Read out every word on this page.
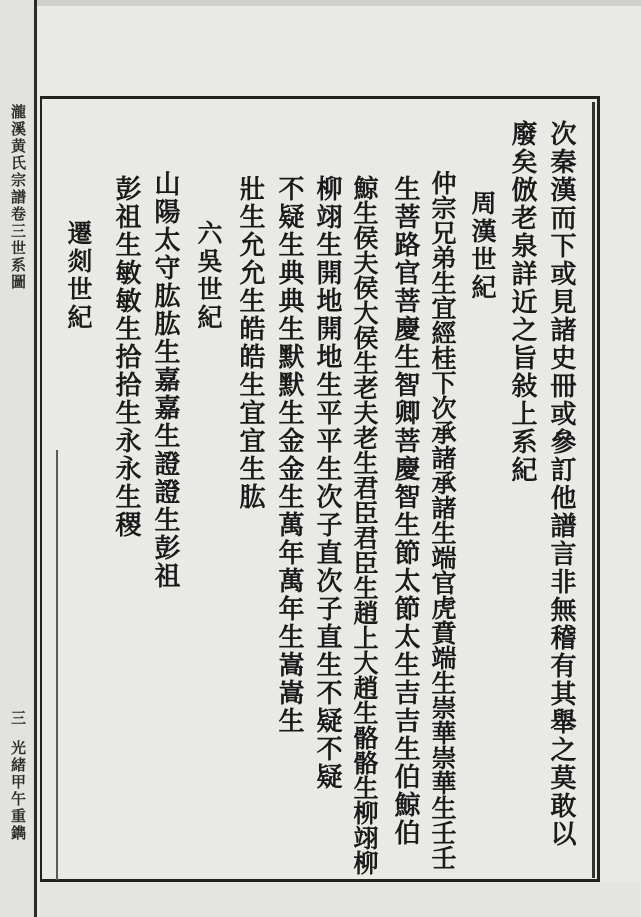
瀧溪黄氏宗譜卷三世系圖
三
光緒甲午重鐫	次秦漢而下或見諸史冊或參訂他譜言非無稽有其舉之莫敢以
廢矣倣老泉詳近之旨敍上系紀
周漢世紀
仲宗兄弟生宜經桂下次承諸承諸生端官虎賁端生崇華崇華生壬壬
生菩路官菩慶生智卿菩慶智生節太節太生吉吉生伯鯨伯
鯨生侯夫侯大侯生老夫老生君臣君臣生趙上大趙生骼骼生柳翊柳
柳翊生開地開地生平平生次子直次子直生不疑不疑
不疑生典典生默默生金金生萬年萬年生嵩嵩生
壯生允允生皓皓生宜宜生肱
六吳世紀
山陽太守肱肱生嘉嘉生證證生彭祖
彭祖生敏敏生拾拾生永永生稷
遷剡世紀
